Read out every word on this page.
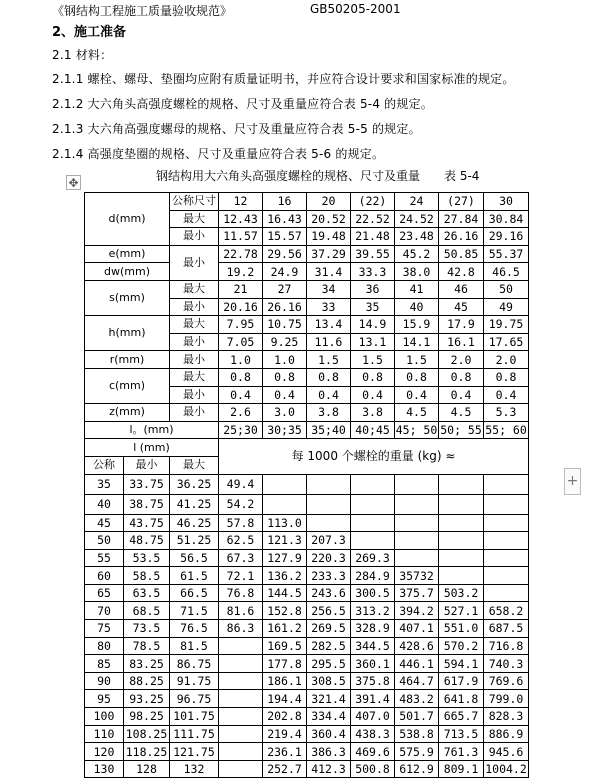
《钢结构工程施工质量验收规范》	GB50205-2001
2、施工准备
2.1 材料：
2.1.1 螺栓、螺母、垫圈均应附有质量证明书，并应符合设计要求和国家标准的规定。
2.1.2 大六角头高强度螺栓的规格、尺寸及重量应符合表 5-4 的规定。
2.1.3 大六角高强度螺母的规格、尺寸及重量应符合表 5-5 的规定。
2.1.4 高强度垫圈的规格、尺寸及重量应符合表 5-6 的规定。
钢结构用大六角头高强度螺栓的规格、尺寸及重量 表 5-4
✥
+
d(mm)		公称尺寸	12	16	20	(22)	24	(27)	30
		最大	12.43	16.43	20.52	22.52	24.52	27.84	30.84
		最小	11.57	15.57	19.48	21.48	23.48	26.16	29.16
e(mm)		最小	22.78	29.56	37.29	39.55	45.2	50.85	55.37
dw(mm)			19.2	24.9	31.4	33.3	38.0	42.8	46.5
s(mm)		最大	21	27	34	36	41	46	50
		最小	20.16	26.16	33	35	40	45	49
h(mm)		最大	7.95	10.75	13.4	14.9	15.9	17.9	19.75
		最小	7.05	9.25	11.6	13.1	14.1	16.1	17.65
r(mm)		最小	1.0	1.0	1.5	1.5	1.5	2.0	2.0
c(mm)		最大	0.8	0.8	0.8	0.8	0.8	0.8	0.8
		最小	0.4	0.4	0.4	0.4	0.4	0.4	0.4
z(mm)		最小	2.6	3.0	3.8	3.8	4.5	4.5	5.3
l。(mm)			25;30	30;35	35;40	40;45	45; 50	50; 55	55; 60
l (mm)			每 1000 个螺栓的重量 (kg) ≈						
公称	最小	最大							
35	33.75	36.25	49.4						
40	38.75	41.25	54.2						
45	43.75	46.25	57.8	113.0					
50	48.75	51.25	62.5	121.3	207.3				
55	53.5	56.5	67.3	127.9	220.3	269.3			
60	58.5	61.5	72.1	136.2	233.3	284.9	35732		
65	63.5	66.5	76.8	144.5	243.6	300.5	375.7	503.2	
70	68.5	71.5	81.6	152.8	256.5	313.2	394.2	527.1	658.2
75	73.5	76.5	86.3	161.2	269.5	328.9	407.1	551.0	687.5
80	78.5	81.5		169.5	282.5	344.5	428.6	570.2	716.8
85	83.25	86.75		177.8	295.5	360.1	446.1	594.1	740.3
90	88.25	91.75		186.1	308.5	375.8	464.7	617.9	769.6
95	93.25	96.75		194.4	321.4	391.4	483.2	641.8	799.0
100	98.25	101.75		202.8	334.4	407.0	501.7	665.7	828.3
110	108.25	111.75		219.4	360.4	438.3	538.8	713.5	886.9
120	118.25	121.75		236.1	386.3	469.6	575.9	761.3	945.6
130	128	132		252.7	412.3	500.8	612.9	809.1	1004.2
